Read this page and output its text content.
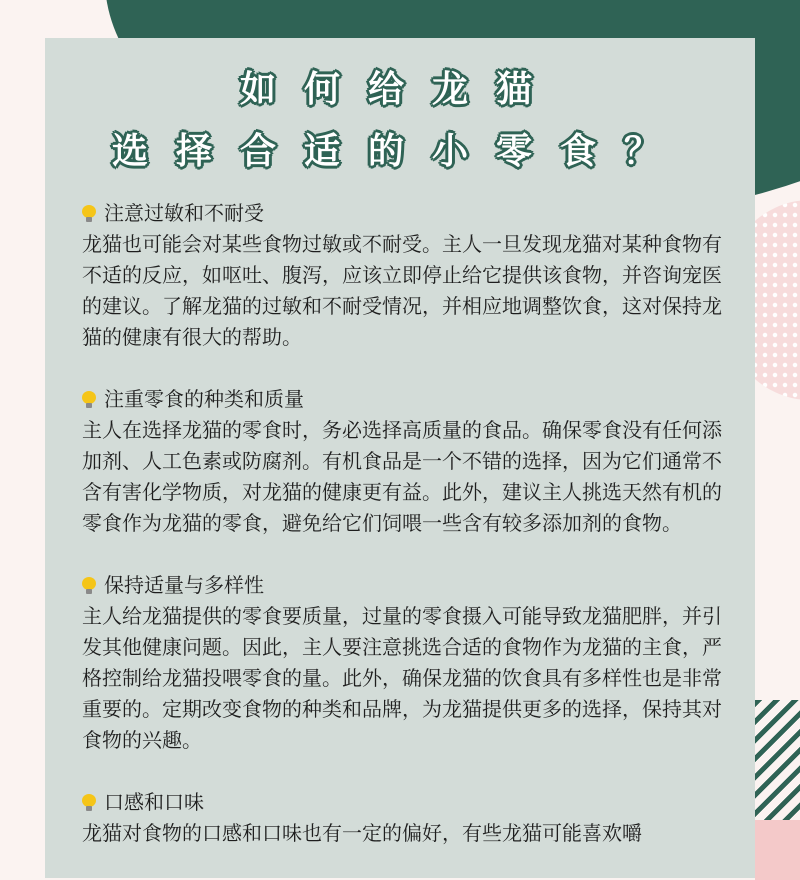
如何给龙猫
选择合适的小零食？
注意过敏和不耐受

龙猫也可能会对某些食物过敏或不耐受。主人一旦发现龙猫对某种食物有不适的反应，如呕吐、腹泻，应该立即停止给它提供该食物，并咨询宠医的建议。了解龙猫的过敏和不耐受情况，并相应地调整饮食，这对保持龙猫的健康有很大的帮助。

注重零食的种类和质量

主人在选择龙猫的零食时，务必选择高质量的食品。确保零食没有任何添加剂、人工色素或防腐剂。有机食品是一个不错的选择，因为它们通常不含有害化学物质，对龙猫的健康更有益。此外，建议主人挑选天然有机的零食作为龙猫的零食，避免给它们饲喂一些含有较多添加剂的食物。

保持适量与多样性

主人给龙猫提供的零食要质量，过量的零食摄入可能导致龙猫肥胖，并引发其他健康问题。因此，主人要注意挑选合适的食物作为龙猫的主食，严格控制给龙猫投喂零食的量。此外，确保龙猫的饮食具有多样性也是非常重要的。定期改变食物的种类和品牌，为龙猫提供更多的选择，保持其对食物的兴趣。

口感和口味

龙猫对食物的口感和口味也有一定的偏好，有些龙猫可能喜欢嚼
